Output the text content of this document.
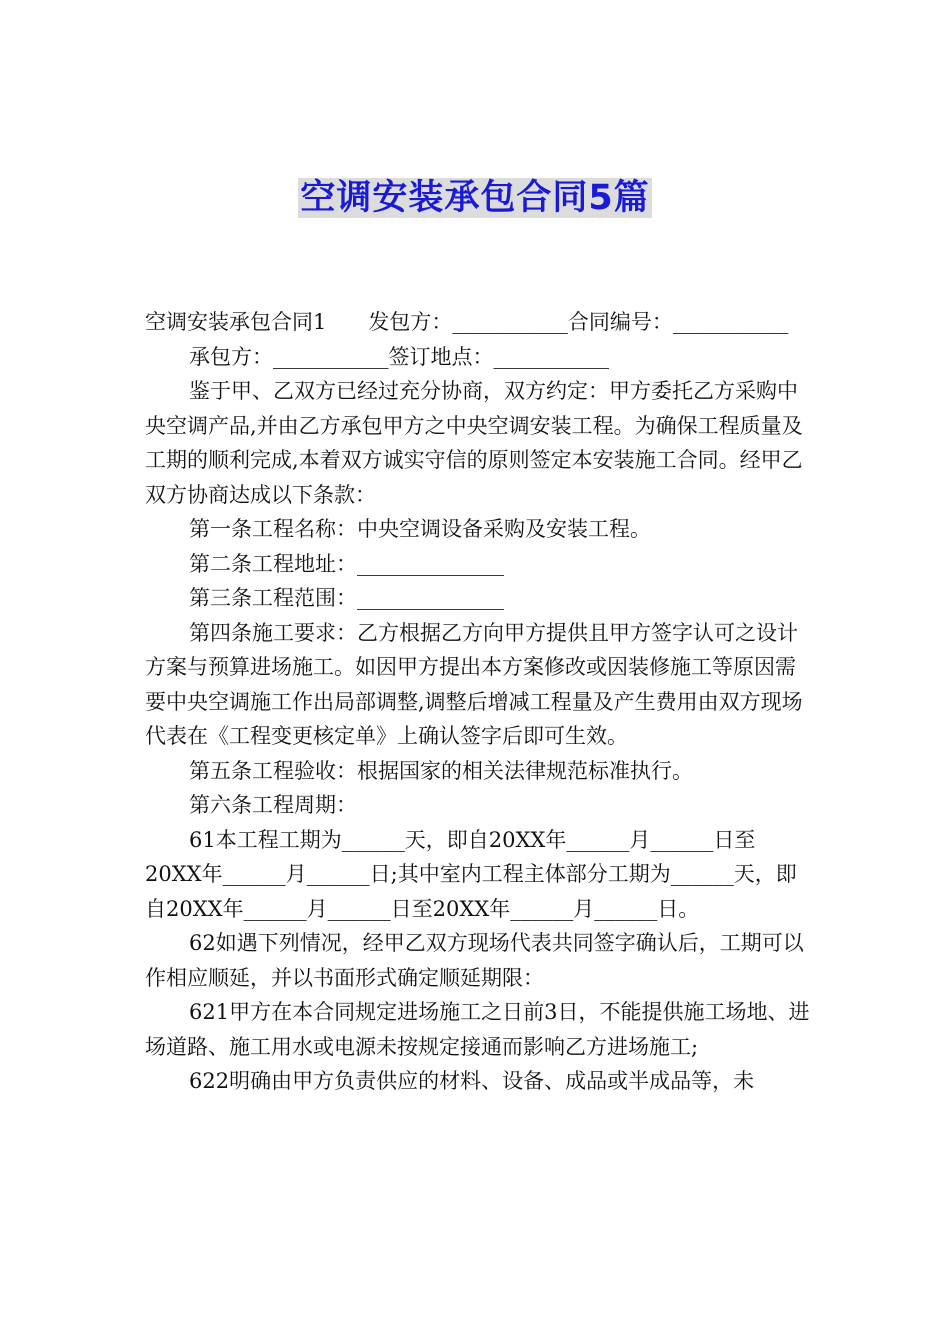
空调安装承包合同5篇

空调安装承包合同1　　发包方：___________合同编号：___________

承包方：___________签订地点：___________

鉴于甲、乙双方已经过充分协商，双方约定：甲方委托乙方采购中央空调产品,并由乙方承包甲方之中央空调安装工程。为确保工程质量及工期的顺利完成,本着双方诚实守信的原则签定本安装施工合同。经甲乙双方协商达成以下条款：

第一条工程名称：中央空调设备采购及安装工程。

第二条工程地址：______________

第三条工程范围：______________

第四条施工要求：乙方根据乙方向甲方提供且甲方签字认可之设计方案与预算进场施工。如因甲方提出本方案修改或因装修施工等原因需要中央空调施工作出局部调整,调整后增减工程量及产生费用由双方现场代表在《工程变更核定单》上确认签字后即可生效。

第五条工程验收：根据国家的相关法律规范标准执行。

第六条工程周期：

61本工程工期为______天，即自20XX年______月______日至20XX年______月______日;其中室内工程主体部分工期为______天，即自20XX年______月______日至20XX年______月______日。

62如遇下列情况，经甲乙双方现场代表共同签字确认后，工期可以作相应顺延，并以书面形式确定顺延期限：

621甲方在本合同规定进场施工之日前3日，不能提供施工场地、进场道路、施工用水或电源未按规定接通而影响乙方进场施工;

622明确由甲方负责供应的材料、设备、成品或半成品等，未
